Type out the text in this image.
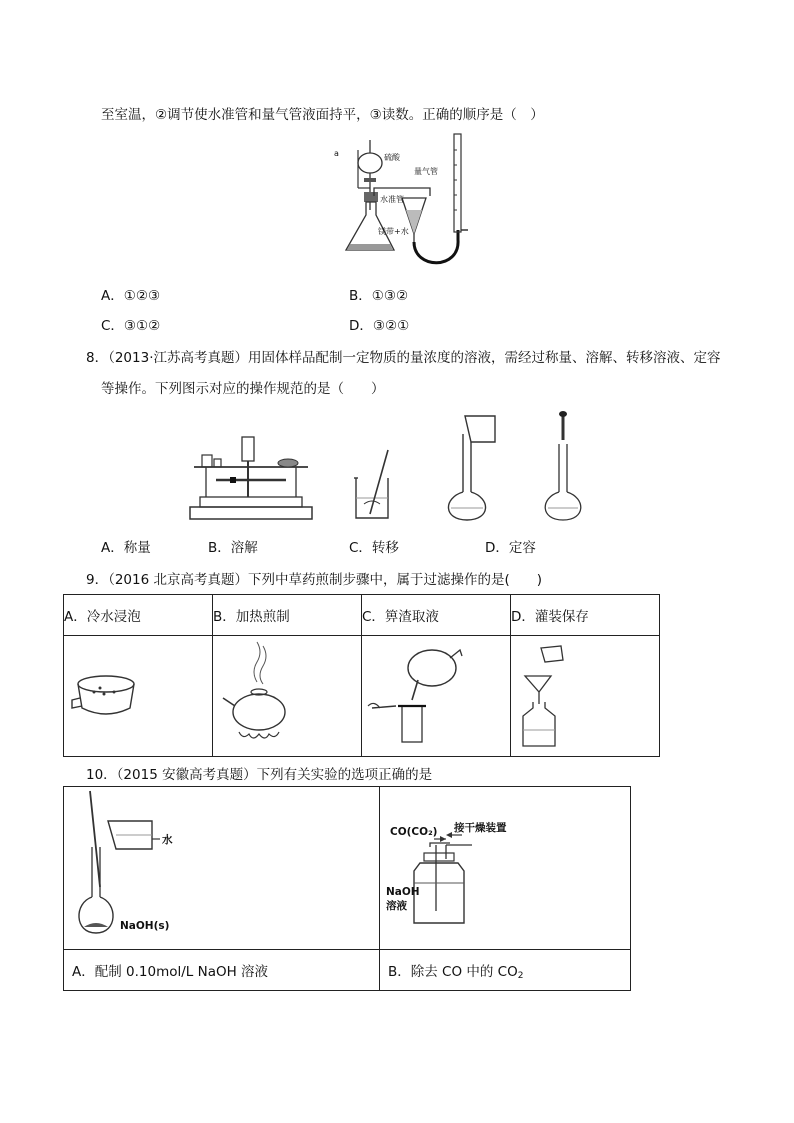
至室温，②调节使水准管和量气管液面持平，③读数。正确的顺序是（　）
a	硫酸
量气管
水准管
镁带+水
A．①②③	B．①③②
C．③①②	D．③②①
8．（2013·江苏高考真题）用固体样品配制一定物质的量浓度的溶液，需经过称量、溶解、转移溶液、定容
等操作。下列图示对应的操作规范的是（　　）
A．称量	B．溶解	C．转移	D．定容
9．（2016 北京高考真题）下列中草药煎制步骤中，属于过滤操作的是(　　)
A．冷水浸泡	B．加热煎制	C．箅渣取液	D．灌装保存

10．（2015 安徽高考真题）下列有关实验的选项正确的是
水
NaOH(s)	CO(CO₂) 接干燥装置
NaOH
溶液

A．配制 0.10mol/L NaOH 溶液	B．除去 CO 中的 $CO_2$
